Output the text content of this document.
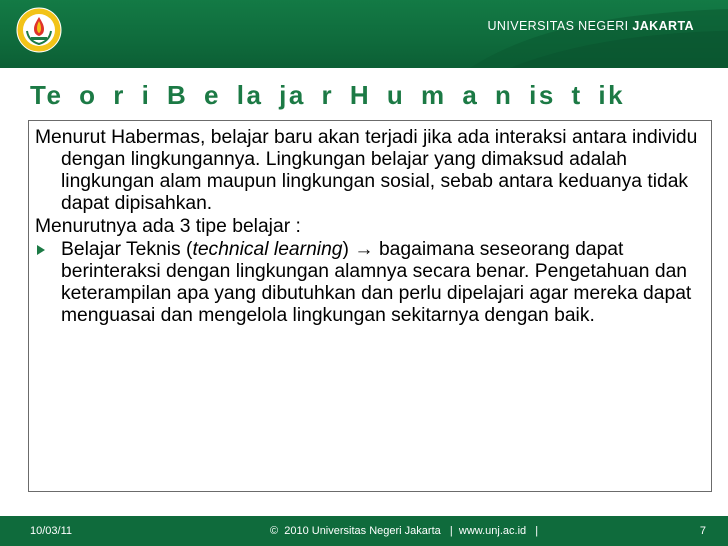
UNIVERSITAS NEGERI JAKARTA
Te o r i B e la ja r H u m a n is t ik

Menurut Habermas, belajar baru akan terjadi jika ada interaksi antara individu dengan lingkungannya. Lingkungan belajar yang dimaksud adalah lingkungan alam maupun lingkungan sosial, sebab antara keduanya tidak dapat dipisahkan.

Menurutnya ada 3 tipe belajar :

Belajar Teknis (technical learning) → bagaimana seseorang dapat berinteraksi dengan lingkungan alamnya secara benar. Pengetahuan dan keterampilan apa yang dibutuhkan dan perlu dipelajari agar mereka dapat menguasai dan mengelola lingkungan sekitarnya dengan baik.

10/03/11	©  2010 Universitas Negeri Jakarta   |  www.unj.ac.id   |	7
